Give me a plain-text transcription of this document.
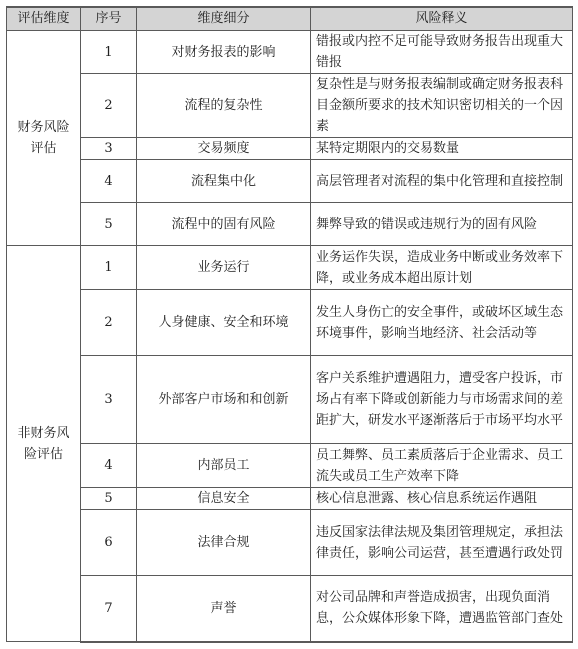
评估维度	序号	维度细分	风险释义
财务风险评估	1	对财务报表的影响	错报或内控不足可能导致财务报告出现重大错报
	2	流程的复杂性	复杂性是与财务报表编制或确定财务报表科目金额所要求的技术知识密切相关的一个因素
	3	交易频度	某特定期限内的交易数量
	4	流程集中化	高层管理者对流程的集中化管理和直接控制
	5	流程中的固有风险	舞弊导致的错误或违规行为的固有风险
非财务风险评估	1	业务运行	业务运作失误，造成业务中断或业务效率下降，或业务成本超出原计划
	2	人身健康、安全和环境	发生人身伤亡的安全事件，或破坏区域生态环境事件，影响当地经济、社会活动等
	3	外部客户市场和和创新	客户关系维护遭遇阻力，遭受客户投诉，市场占有率下降或创新能力与市场需求间的差距扩大，研发水平逐渐落后于市场平均水平
	4	内部员工	员工舞弊、员工素质落后于企业需求、员工流失或员工生产效率下降
	5	信息安全	核心信息泄露、核心信息系统运作遇阻
	6	法律合规	违反国家法律法规及集团管理规定，承担法律责任，影响公司运营，甚至遭遇行政处罚
	7	声誉	对公司品牌和声誉造成损害，出现负面消息，公众媒体形象下降，遭遇监管部门查处
